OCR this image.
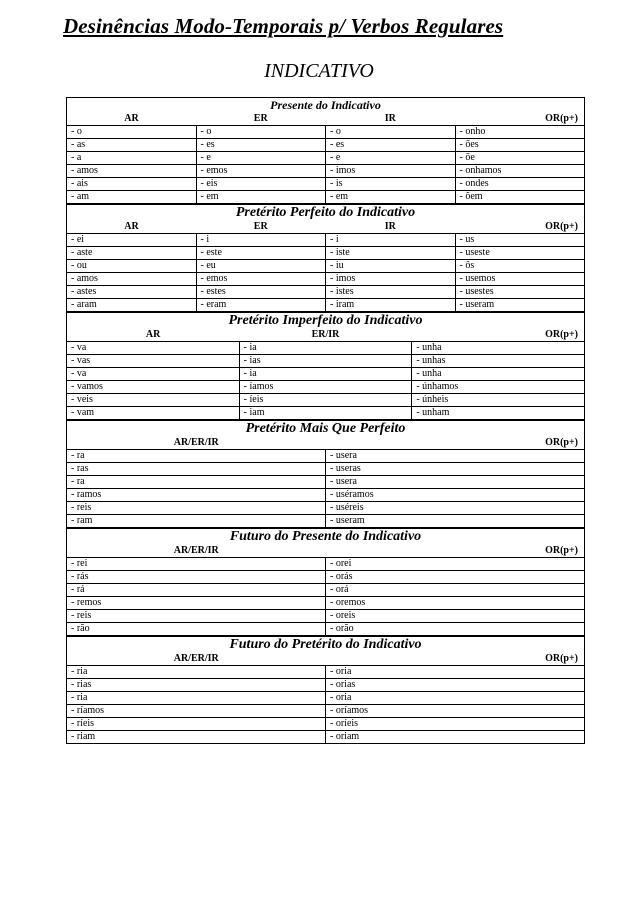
Desinências Modo-Temporais p/ Verbos Regulares
INDICATIVO
Presente do Indicativo			
AR	ER	IR	OR(p+)
- o	- o	- o	- onho
- as	- es	- es	- ões
- a	- e	- e	- õe
- amos	- emos	- imos	- onhamos
- ais	- eis	- is	- ondes
- am	- em	- em	- õem
Pretérito Perfeito do Indicativo			
AR	ER	IR	OR(p+)
- ei	- i	- i	- us
- aste	- este	- iste	- useste
- ou	- eu	- iu	- ôs
- amos	- emos	- imos	- usemos
- astes	- estes	- istes	- usestes
- aram	- eram	- iram	- useram
Pretérito Imperfeito do Indicativo		
AR	ER/IR	OR(p+)
- va	- ia	- unha
- vas	- ias	- unhas
- va	- ia	- unha
- vamos	- íamos	- únhamos
- veis	- íeis	- únheis
- vam	- iam	- unham
Pretérito Mais Que Perfeito	
AR/ER/IR	OR(p+)
- ra	- usera
- ras	- useras
- ra	- usera
- ramos	- uséramos
- reis	- uséreis
- ram	- useram
Futuro do Presente do Indicativo	
AR/ER/IR	OR(p+)
- rei	- orei
- rás	- orás
- rá	- orá
- remos	- oremos
- reis	- oreis
- rão	- orão
Futuro do Pretérito do Indicativo	
AR/ER/IR	OR(p+)
- ria	- oria
- rias	- orias
- ria	- oria
- ríamos	- oríamos
- ríeis	- oríeis
- riam	- oriam
